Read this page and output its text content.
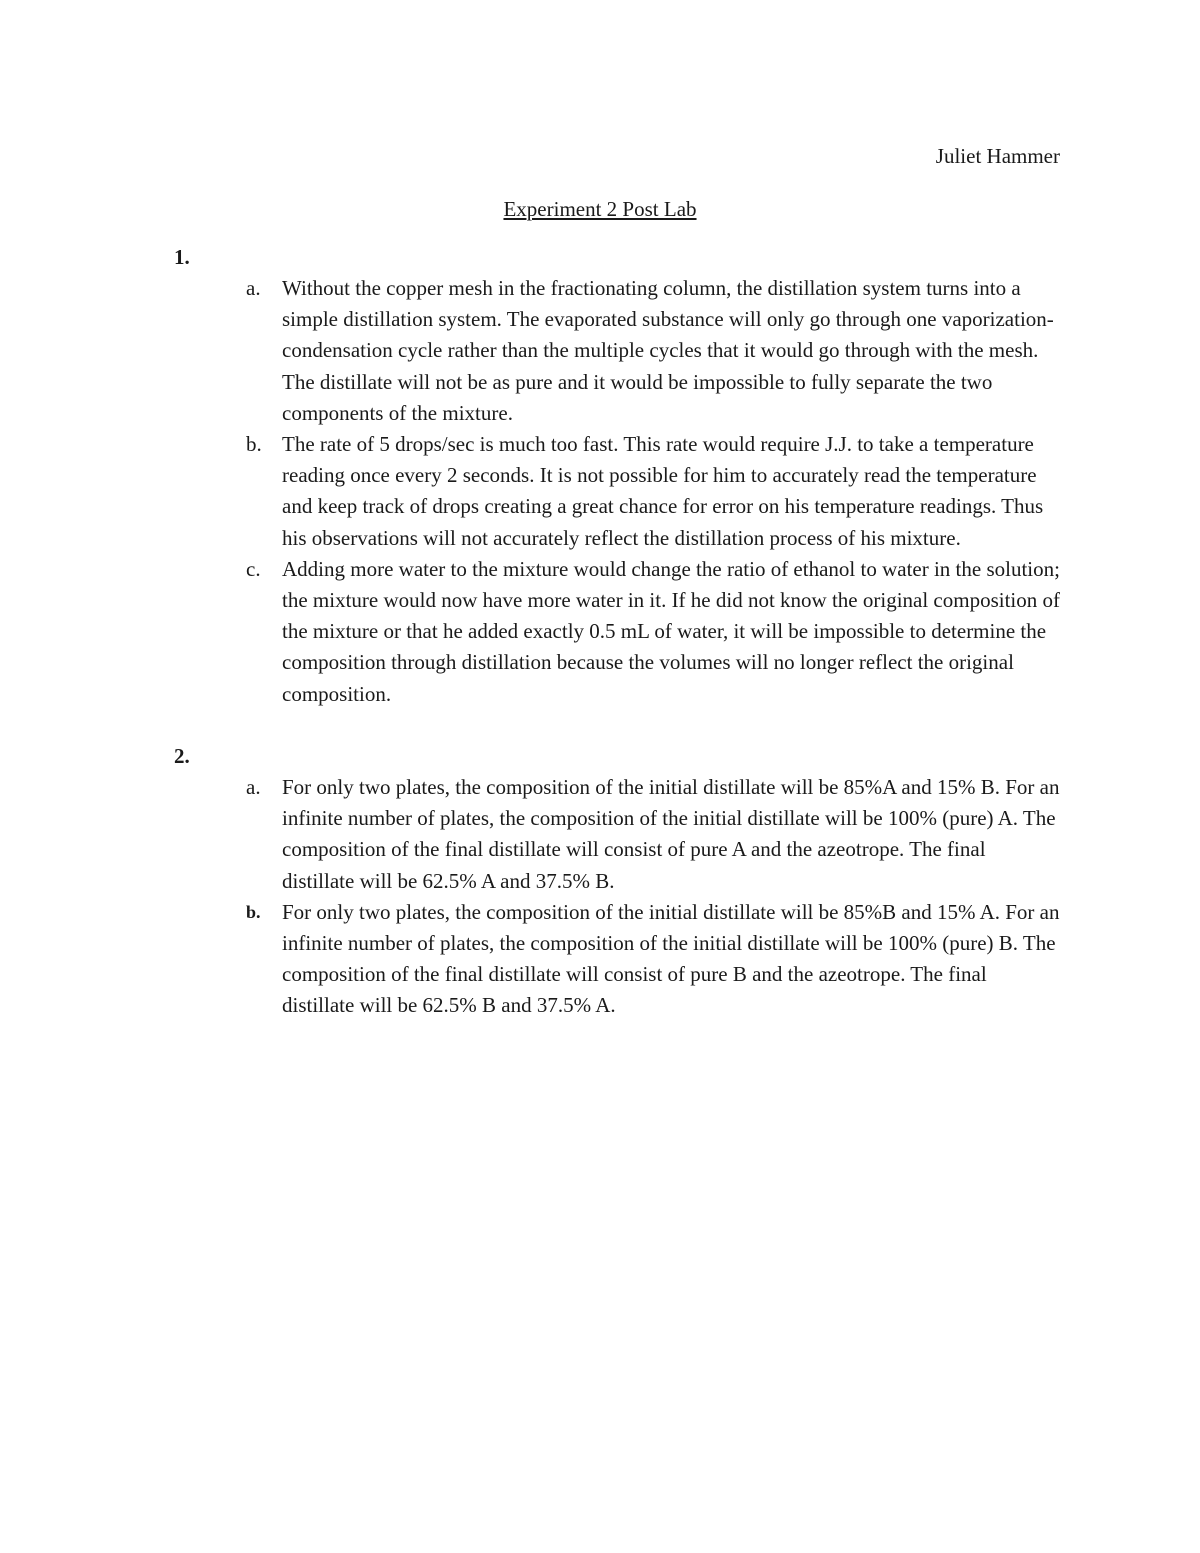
Juliet Hammer
Experiment 2 Post Lab
1.
a. Without the copper mesh in the fractionating column, the distillation system turns into a simple distillation system. The evaporated substance will only go through one vaporization-condensation cycle rather than the multiple cycles that it would go through with the mesh. The distillate will not be as pure and it would be impossible to fully separate the two components of the mixture.
b. The rate of 5 drops/sec is much too fast. This rate would require J.J. to take a temperature reading once every 2 seconds. It is not possible for him to accurately read the temperature and keep track of drops creating a great chance for error on his temperature readings. Thus his observations will not accurately reflect the distillation process of his mixture.
c. Adding more water to the mixture would change the ratio of ethanol to water in the solution; the mixture would now have more water in it. If he did not know the original composition of the mixture or that he added exactly 0.5 mL of water, it will be impossible to determine the composition through distillation because the volumes will no longer reflect the original composition.
2.
a. For only two plates, the composition of the initial distillate will be 85%A and 15% B. For an infinite number of plates, the composition of the initial distillate will be 100% (pure) A. The composition of the final distillate will consist of pure A and the azeotrope. The final distillate will be 62.5% A and 37.5% B.
b. For only two plates, the composition of the initial distillate will be 85%B and 15% A. For an infinite number of plates, the composition of the initial distillate will be 100% (pure) B. The composition of the final distillate will consist of pure B and the azeotrope. The final distillate will be 62.5% B and 37.5% A.
